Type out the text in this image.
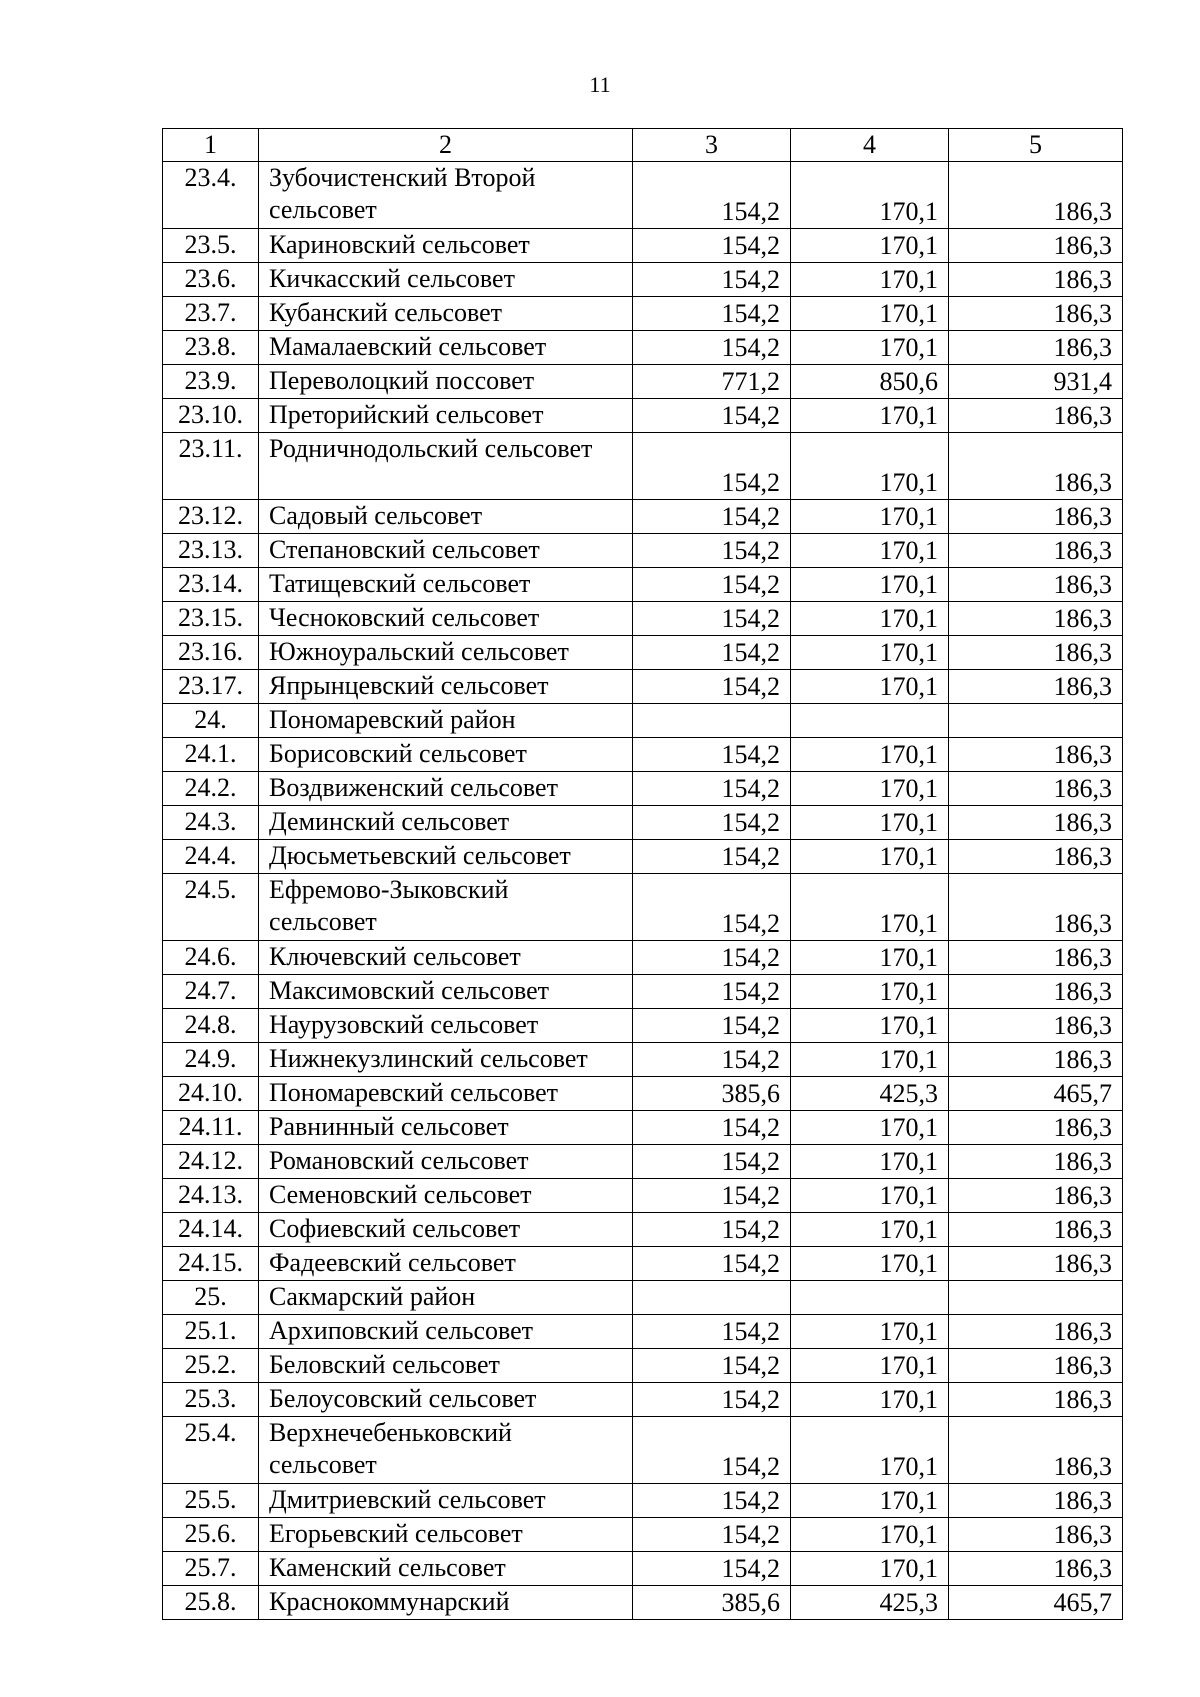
11
1	2	3	4	5
23.4.	Зубочистенский Второй сельсовет	154,2	170,1	186,3
23.5.	Кариновский сельсовет	154,2	170,1	186,3
23.6.	Кичкасский сельсовет	154,2	170,1	186,3
23.7.	Кубанский сельсовет	154,2	170,1	186,3
23.8.	Мамалаевский сельсовет	154,2	170,1	186,3
23.9.	Переволоцкий поссовет	771,2	850,6	931,4
23.10.	Преторийский сельсовет	154,2	170,1	186,3
23.11.	Родничнодольский сельсовет	154,2	170,1	186,3
23.12.	Садовый сельсовет	154,2	170,1	186,3
23.13.	Степановский сельсовет	154,2	170,1	186,3
23.14.	Татищевский сельсовет	154,2	170,1	186,3
23.15.	Чесноковский сельсовет	154,2	170,1	186,3
23.16.	Южноуральский сельсовет	154,2	170,1	186,3
23.17.	Япрынцевский сельсовет	154,2	170,1	186,3
24.	Пономаревский район			
24.1.	Борисовский сельсовет	154,2	170,1	186,3
24.2.	Воздвиженский сельсовет	154,2	170,1	186,3
24.3.	Деминский сельсовет	154,2	170,1	186,3
24.4.	Дюсьметьевский сельсовет	154,2	170,1	186,3
24.5.	Ефремово-Зыковский сельсовет	154,2	170,1	186,3
24.6.	Ключевский сельсовет	154,2	170,1	186,3
24.7.	Максимовский сельсовет	154,2	170,1	186,3
24.8.	Наурузовский сельсовет	154,2	170,1	186,3
24.9.	Нижнекузлинский сельсовет	154,2	170,1	186,3
24.10.	Пономаревский сельсовет	385,6	425,3	465,7
24.11.	Равнинный сельсовет	154,2	170,1	186,3
24.12.	Романовский сельсовет	154,2	170,1	186,3
24.13.	Семеновский сельсовет	154,2	170,1	186,3
24.14.	Софиевский сельсовет	154,2	170,1	186,3
24.15.	Фадеевский сельсовет	154,2	170,1	186,3
25.	Сакмарский район			
25.1.	Архиповский сельсовет	154,2	170,1	186,3
25.2.	Беловский сельсовет	154,2	170,1	186,3
25.3.	Белоусовский сельсовет	154,2	170,1	186,3
25.4.	Верхнечебеньковский сельсовет	154,2	170,1	186,3
25.5.	Дмитриевский сельсовет	154,2	170,1	186,3
25.6.	Егорьевский сельсовет	154,2	170,1	186,3
25.7.	Каменский сельсовет	154,2	170,1	186,3
25.8.	Краснокоммунарский	385,6	425,3	465,7
